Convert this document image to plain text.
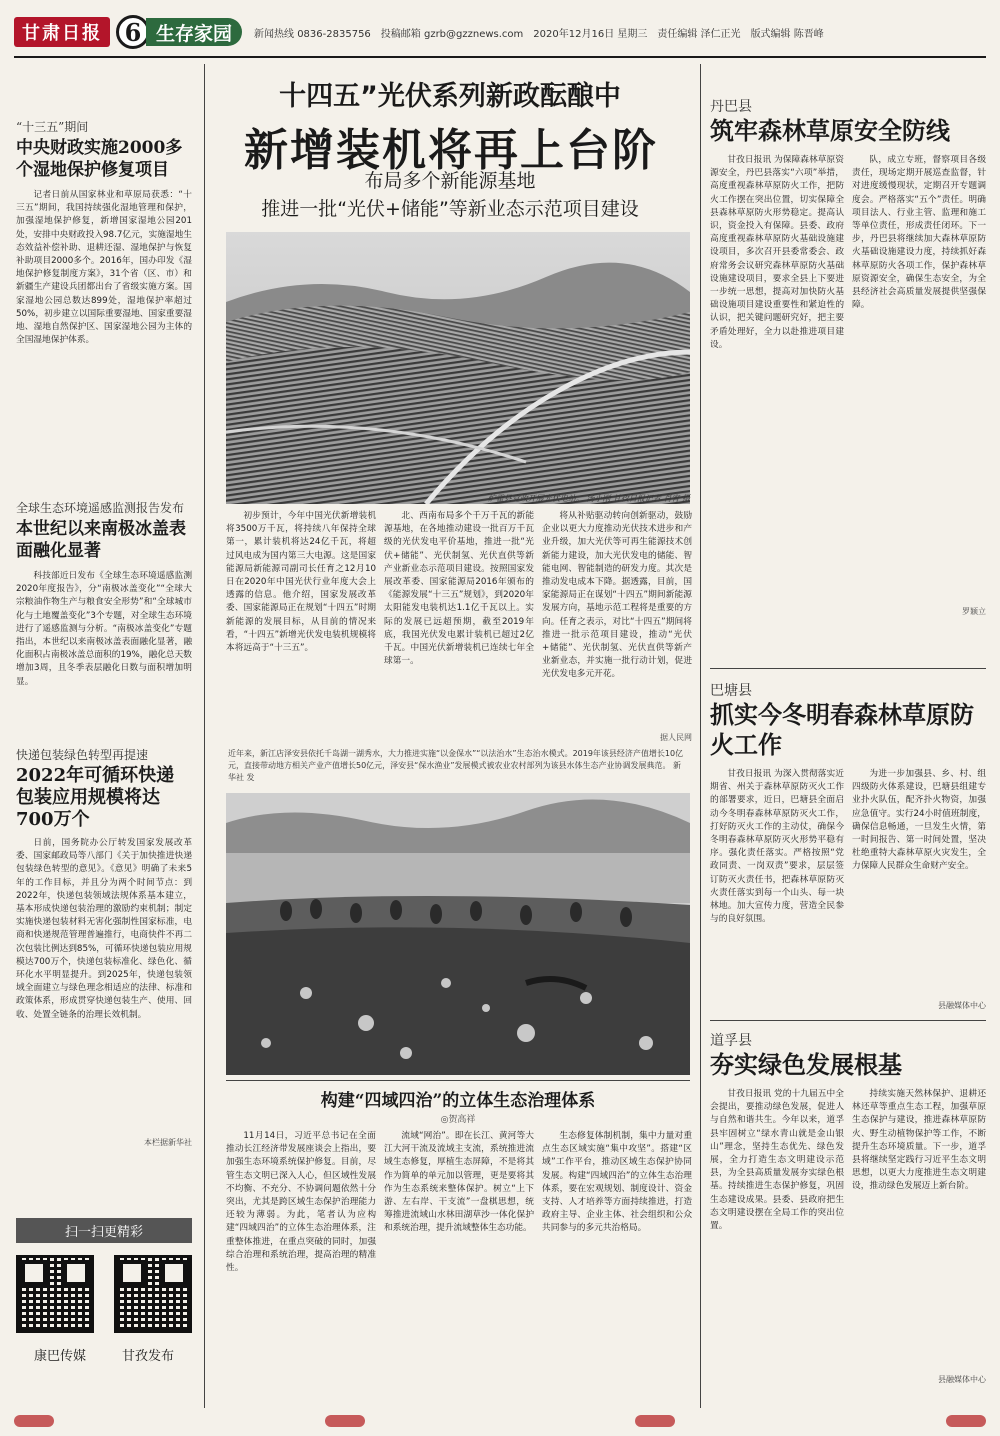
甘肃日报 6 生存家园	新闻热线 0836-2835756 投稿邮箱 gzrb@gzznews.com 2020年12月16日 星期三 责任编辑 泽仁正光 版式编辑 陈晋峰
“十三五”期间
中央财政实施2000多个湿地保护修复项目
记者日前从国家林业和草原局获悉：“十三五”期间，我国持续强化湿地管理和保护，加强湿地保护修复，新增国家湿地公园201处，安排中央财政投入98.7亿元，实施湿地生态效益补偿补助、退耕还湿、湿地保护与恢复补助项目2000多个。2016年，国办印发《湿地保护修复制度方案》，31个省（区、市）和新疆生产建设兵团都出台了省级实施方案。国家湿地公园总数达899处，湿地保护率超过50%，初步建立以国际重要湿地、国家重要湿地、湿地自然保护区、国家湿地公园为主体的全国湿地保护体系。
全球生态环境遥感监测报告发布
本世纪以来南极冰盖表面融化显著
科技部近日发布《全球生态环境遥感监测2020年度报告》，分“南极冰盖变化”“全球大宗粮油作物生产与粮食安全形势”和“全球城市化与土地覆盖变化”3个专题，对全球生态环境进行了遥感监测与分析。“南极冰盖变化”专题指出，本世纪以来南极冰盖表面融化显著，融化面积占南极冰盖总面积的19%，融化总天数增加3周，且冬季表层融化日数与面积增加明显。
快递包装绿色转型再提速
2022年可循环快递包装应用规模将达700万个
日前，国务院办公厅转发国家发展改革委、国家邮政局等八部门《关于加快推进快递包装绿色转型的意见》。《意见》明确了未来5年的工作目标，并且分为两个时间节点：到2022年，快递包装领域法规体系基本建立，基本形成快递包装治理的激励约束机制；制定实施快递包装材料无害化强制性国家标准，电商和快递规范管理普遍推行，电商快件不再二次包装比例达到85%，可循环快递包装应用规模达700万个，快递包装标准化、绿色化、循环化水平明显提升。到2025年，快递包装领域全面建立与绿色理念相适应的法律、标准和政策体系，形成贯穿快递包装生产、使用、回收、处置全链条的治理长效机制。
本栏据新华社
扫一扫更精彩
康巴传媒	甘孜发布
十四五”光伏系列新政酝酿中
新增装机将再上台阶
布局多个新能源基地
推进一批“光伏+储能”等新业态示范项目建设
炉霍县党政开展光伏电站。 汤小刚 甘孜日报记者 肖宵 摄
初步预计，今年中国光伏新增装机将3500万千瓦，将持续八年保持全球第一，累计装机将达24亿千瓦，将超过风电成为国内第三大电源。这是国家能源局新能源司副司长任育之12月10日在2020年中国光伏行业年度大会上透露的信息。他介绍，国家发展改革委、国家能源局正在规划“十四五”时期新能源的发展目标，从目前的情况来看，“十四五”新增光伏发电装机规模将本将远高于“十三五”。
北、西南布局多个千万千瓦的新能源基地，在各地推动建设一批百万千瓦级的光伏发电平价基地，推进一批“光伏+储能”、光伏制氢、光伏直供等新产业新业态示范项目建设。按照国家发展改革委、国家能源局2016年颁布的《能源发展“十三五”规划》，到2020年太阳能发电装机达1.1亿千瓦以上。实际的发展已远超预期，截至2019年底，我国光伏发电累计装机已超过2亿千瓦。中国光伏新增装机已连续七年全球第一。
将从补贴驱动转向创新驱动，鼓励企业以更大力度推动光伏技术进步和产业升级，加大光伏等可再生能源技术创新能力建设，加大光伏发电的储能、智能电网、智能制造的研发力度。其次是推动发电成本下降。据透露，目前，国家能源局正在谋划“十四五”期间新能源发展方向，基地示范工程将是重要的方向。任育之表示，对比“十四五”期间将推进一批示范项目建设，推动“光伏+储能”、光伏制氢、光伏直供等新产业新业态，并实施一批行动计划，促进光伏发电多元开花。
据人民网
近年来，新江店泽安县依托千岛湖一湖秀水，大力推进实施“以金保水”“以法治水”生态治水模式。2019年该县经济产值增长10亿元，直接带动地方相关产业产值增长50亿元，泽安县“保水渔业”发展模式被农业农村部列为该县水体生态产业协调发展典范。 新华社 发
构建“四域四治”的立体生态治理体系
◎贺高祥
11月14日，习近平总书记在全面推动长江经济带发展座谈会上指出，要加强生态环境系统保护修复。目前，尽管生态文明已深入人心，但区域性发展不均衡、不充分、不协调问题依然十分突出，尤其是跨区域生态保护治理能力还较为薄弱。为此，笔者认为应构建“四域四治”的立体生态治理体系，注重整体推进，在重点突破的同时，加强综合治理和系统治理，提高治理的精准性。
流域“网治”。即在长江、黄河等大江大河干流及流域主支流，系统推进流域生态修复，厚植生态屏障，不是将其作为简单的单元加以管理，更是要将其作为生态系统来整体保护。树立“上下游、左右岸、干支流”一盘棋思想，统筹推进流域山水林田湖草沙一体化保护和系统治理，提升流域整体生态功能。
生态修复体制机制，集中力量对重点生态区域实施“集中攻坚”。搭建“区域”工作平台，推动区域生态保护协同发展。构建“四域四治”的立体生态治理体系，要在宏观规划、制度设计、资金支持、人才培养等方面持续推进，打造政府主导、企业主体、社会组织和公众共同参与的多元共治格局。
丹巴县
筑牢森林草原安全防线
甘孜日报讯 为保障森林草原资源安全，丹巴县落实“六项”举措，高度重视森林草原防火工作，把防火工作摆在突出位置，切实保障全县森林草原防火形势稳定。提高认识，资金投入有保障。县委、政府高度重视森林草原防火基础设施建设项目，多次召开县委常委会、政府常务会议研究森林草原防火基础设施建设项目，要求全县上下要进一步统一思想，提高对加快防火基础设施项目建设重要性和紧迫性的认识，把关键问题研究好，把主要矛盾处理好，全力以赴推进项目建设。
队，成立专班，督察项目各级责任，现场定期开展巡查监督，针对进度缓慢现状，定期召开专题调度会。严格落实“五个”责任。明确项目法人、行业主管、监理和施工等单位责任，形成责任闭环。下一步，丹巴县将继续加大森林草原防火基础设施建设力度，持续抓好森林草原防火各项工作，保护森林草原资源安全，确保生态安全，为全县经济社会高质量发展提供坚强保障。
罗颖立
巴塘县
抓实今冬明春森林草原防火工作
甘孜日报讯 为深入贯彻落实近期省、州关于森林草原防灭火工作的部署要求，近日，巴塘县全面启动今冬明春森林草原防灭火工作，打好防灭火工作的主动仗，确保今冬明春森林草原防灭火形势平稳有序。强化责任落实。严格按照“党政同责、一岗双责”要求，层层签订防灭火责任书，把森林草原防灭火责任落实到每一个山头、每一块林地。加大宣传力度，营造全民参与的良好氛围。
为进一步加强县、乡、村、组四级防火体系建设，巴塘县组建专业扑火队伍，配齐扑火物资，加强应急值守。实行24小时值班制度，确保信息畅通，一旦发生火情，第一时间报告、第一时间处置，坚决杜绝重特大森林草原火灾发生，全力保障人民群众生命财产安全。
县融媒体中心
道孚县
夯实绿色发展根基
甘孜日报讯 党的十九届五中全会提出，要推动绿色发展，促进人与自然和谐共生。今年以来，道孚县牢固树立“绿水青山就是金山银山”理念，坚持生态优先、绿色发展，全力打造生态文明建设示范县，为全县高质量发展夯实绿色根基。持续推进生态保护修复，巩固生态建设成果。县委、县政府把生态文明建设摆在全局工作的突出位置。
持续实施天然林保护、退耕还林还草等重点生态工程，加强草原生态保护与建设，推进森林草原防火、野生动植物保护等工作，不断提升生态环境质量。下一步，道孚县将继续坚定践行习近平生态文明思想，以更大力度推进生态文明建设，推动绿色发展迈上新台阶。
县融媒体中心
